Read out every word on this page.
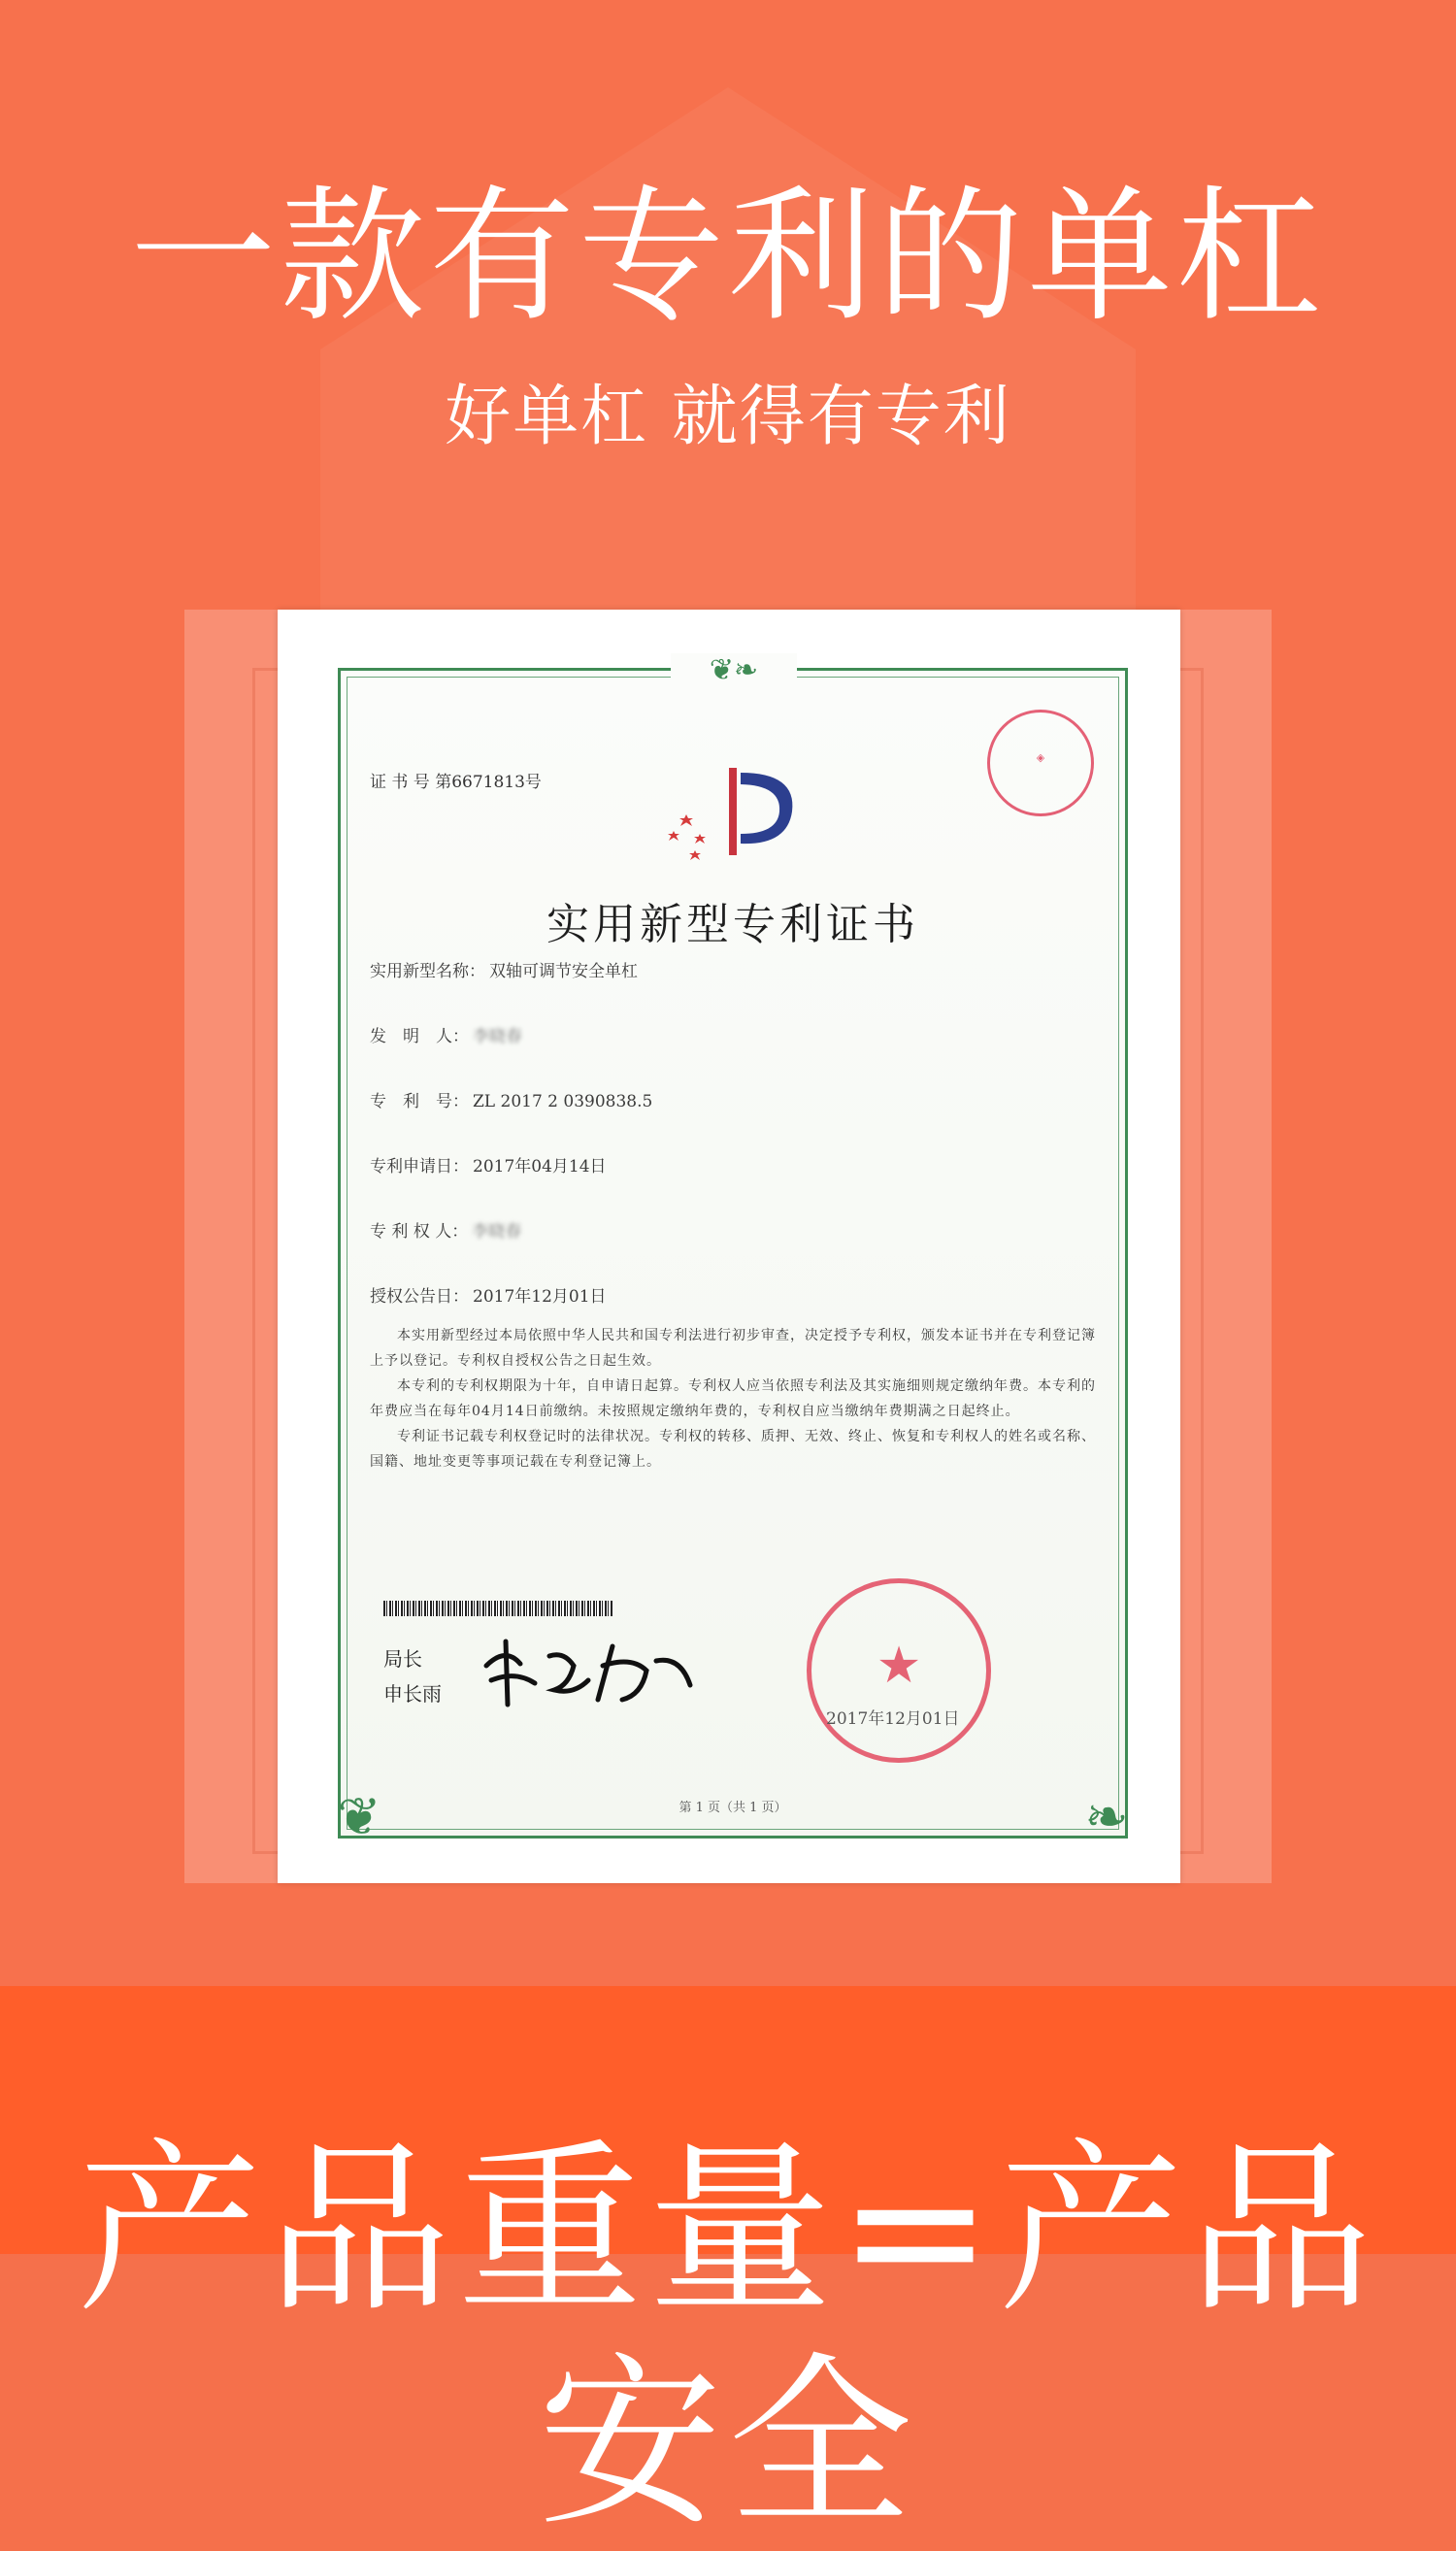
一款有专利的单杠
好单杠 就得有专利
❦❧
❦	❧
证 书 号 第6671813号
◈
实用新型专利证书
实用新型名称： 双轴可调节安全单杠
发　明　人： 李晓春
专　利　号： ZL 2017 2 0390838.5
专利申请日： 2017年04月14日
专 利 权 人： 李晓春
授权公告日： 2017年12月01日

本实用新型经过本局依照中华人民共和国专利法进行初步审查，决定授予专利权，颁发本证书并在专利登记簿上予以登记。专利权自授权公告之日起生效。

本专利的专利权期限为十年，自申请日起算。专利权人应当依照专利法及其实施细则规定缴纳年费。本专利的年费应当在每年04月14日前缴纳。未按照规定缴纳年费的，专利权自应当缴纳年费期满之日起终止。

专利证书记载专利权登记时的法律状况。专利权的转移、质押、无效、终止、恢复和专利权人的姓名或名称、国籍、地址变更等事项记载在专利登记簿上。

局长
申长雨	★
2017年12月01日
第 1 页（共 1 页）
产品重量=产品安全
